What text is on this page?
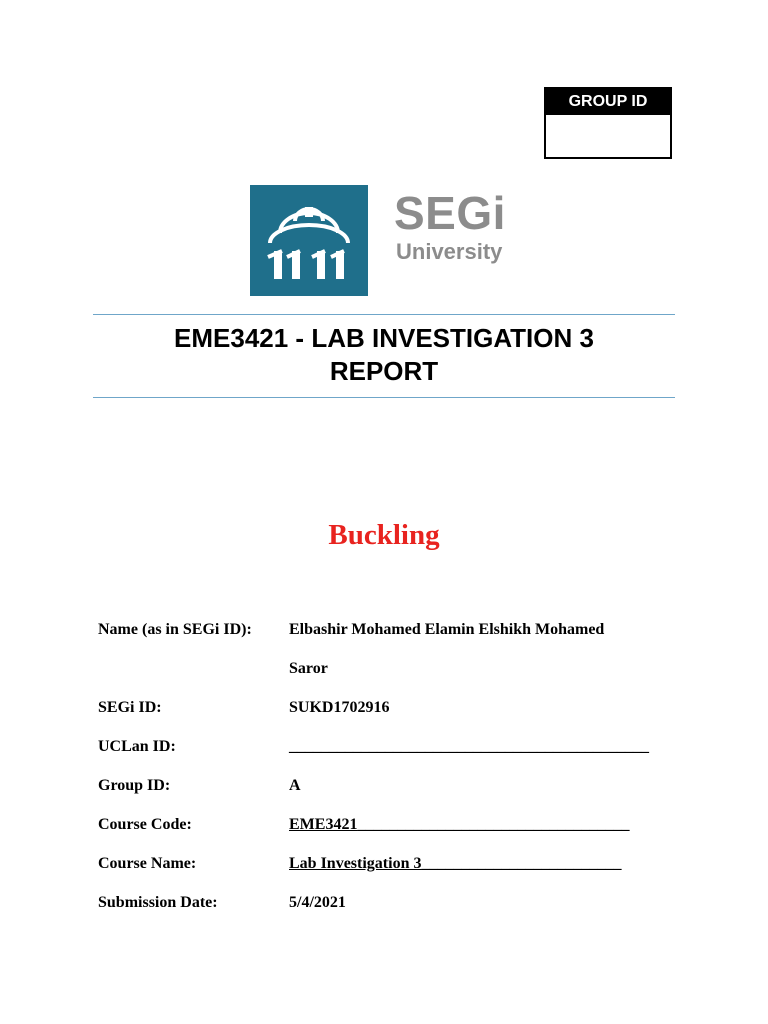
GROUP ID
SEGi
University
EME3421 - LAB INVESTIGATION 3
REPORT
Buckling
Name (as in SEGi ID): Elbashir Mohamed Elamin Elshikh Mohamed
Saror
SEGi ID:	SUKD1702916
UCLan ID:	_____________________________________________
Group ID:	A
Course Code:	EME3421__________________________________
Course Name:	Lab Investigation 3_________________________
Submission Date:	5/4/2021
